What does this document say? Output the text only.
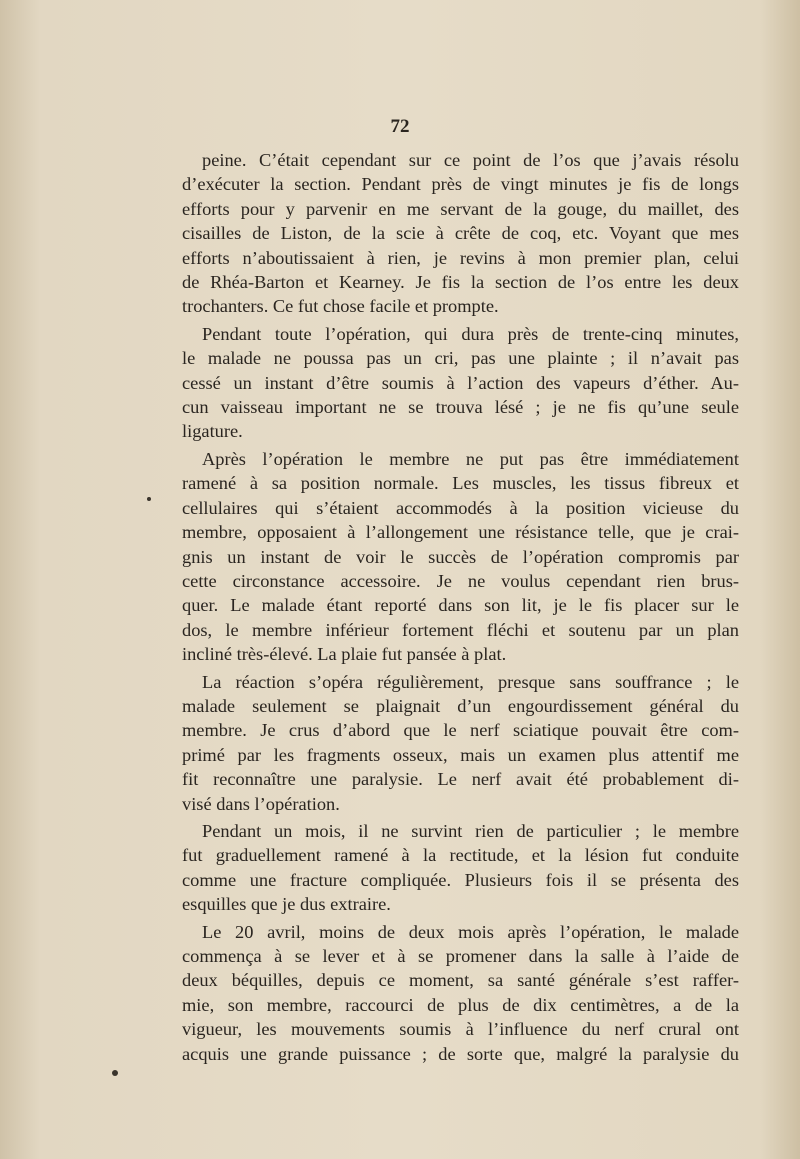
72
peine. C’était cependant sur ce point de l’os que j’avais résolu
d’exécuter la section. Pendant près de vingt minutes je fis de longs
efforts pour y parvenir en me servant de la gouge, du maillet, des
cisailles de Liston, de la scie à crête de coq, etc. Voyant que mes
efforts n’aboutissaient à rien, je revins à mon premier plan, celui
de Rhéa-Barton et Kearney. Je fis la section de l’os entre les deux
trochanters. Ce fut chose facile et prompte.
Pendant toute l’opération, qui dura près de trente-cinq minutes,
le malade ne poussa pas un cri, pas une plainte ; il n’avait pas
cessé un instant d’être soumis à l’action des vapeurs d’éther. Au-
cun vaisseau important ne se trouva lésé ; je ne fis qu’une seule
ligature.
Après l’opération le membre ne put pas être immédiatement
ramené à sa position normale. Les muscles, les tissus fibreux et
cellulaires qui s’étaient accommodés à la position vicieuse du
membre, opposaient à l’allongement une résistance telle, que je crai-
gnis un instant de voir le succès de l’opération compromis par
cette circonstance accessoire. Je ne voulus cependant rien brus-
quer. Le malade étant reporté dans son lit, je le fis placer sur le
dos, le membre inférieur fortement fléchi et soutenu par un plan
incliné très-élevé. La plaie fut pansée à plat.
La réaction s’opéra régulièrement, presque sans souffrance ; le
malade seulement se plaignait d’un engourdissement général du
membre. Je crus d’abord que le nerf sciatique pouvait être com-
primé par les fragments osseux, mais un examen plus attentif me
fit reconnaître une paralysie. Le nerf avait été probablement di-
visé dans l’opération.
Pendant un mois, il ne survint rien de particulier ; le membre
fut graduellement ramené à la rectitude, et la lésion fut conduite
comme une fracture compliquée. Plusieurs fois il se présenta des
esquilles que je dus extraire.
Le 20 avril, moins de deux mois après l’opération, le malade
commença à se lever et à se promener dans la salle à l’aide de
deux béquilles, depuis ce moment, sa santé générale s’est raffer-
mie, son membre, raccourci de plus de dix centimètres, a de la
vigueur, les mouvements soumis à l’influence du nerf crural ont
acquis une grande puissance ; de sorte que, malgré la paralysie du
